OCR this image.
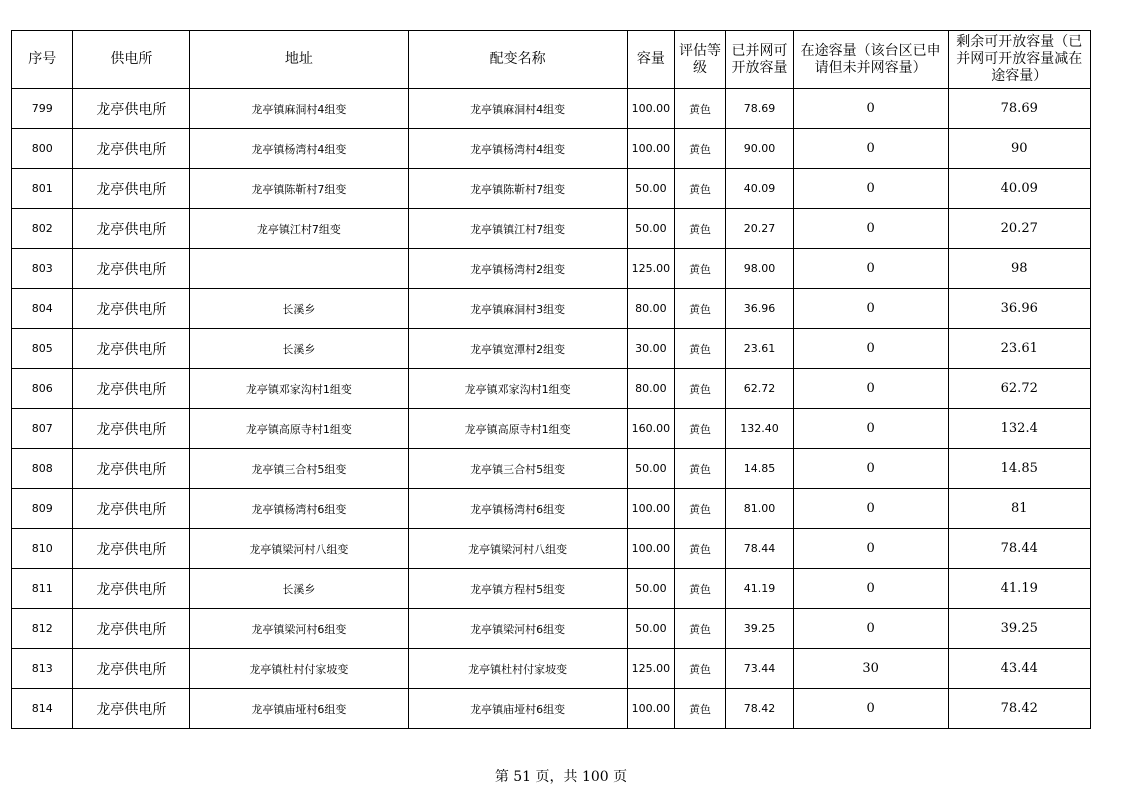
序号	供电所	地址	配变名称	容量	评估等级	已并网可开放容量	在途容量（该台区已申请但未并网容量）	剩余可开放容量（已并网可开放容量减在途容量）
799	龙亭供电所	龙亭镇麻洞村4组变	龙亭镇麻洞村4组变	100.00	黄色	78.69	0	78.69
800	龙亭供电所	龙亭镇杨湾村4组变	龙亭镇杨湾村4组变	100.00	黄色	90.00	0	90
801	龙亭供电所	龙亭镇陈靳村7组变	龙亭镇陈靳村7组变	50.00	黄色	40.09	0	40.09
802	龙亭供电所	龙亭镇江村7组变	龙亭镇镇江村7组变	50.00	黄色	20.27	0	20.27
803	龙亭供电所		龙亭镇杨湾村2组变	125.00	黄色	98.00	0	98
804	龙亭供电所	长溪乡	龙亭镇麻洞村3组变	80.00	黄色	36.96	0	36.96
805	龙亭供电所	长溪乡	龙亭镇宽潭村2组变	30.00	黄色	23.61	0	23.61
806	龙亭供电所	龙亭镇邓家沟村1组变	龙亭镇邓家沟村1组变	80.00	黄色	62.72	0	62.72
807	龙亭供电所	龙亭镇高原寺村1组变	龙亭镇高原寺村1组变	160.00	黄色	132.40	0	132.4
808	龙亭供电所	龙亭镇三合村5组变	龙亭镇三合村5组变	50.00	黄色	14.85	0	14.85
809	龙亭供电所	龙亭镇杨湾村6组变	龙亭镇杨湾村6组变	100.00	黄色	81.00	0	81
810	龙亭供电所	龙亭镇梁河村八组变	龙亭镇梁河村八组变	100.00	黄色	78.44	0	78.44
811	龙亭供电所	长溪乡	龙亭镇方程村5组变	50.00	黄色	41.19	0	41.19
812	龙亭供电所	龙亭镇梁河村6组变	龙亭镇梁河村6组变	50.00	黄色	39.25	0	39.25
813	龙亭供电所	龙亭镇杜村付家坡变	龙亭镇杜村付家坡变	125.00	黄色	73.44	30	43.44
814	龙亭供电所	龙亭镇庙垭村6组变	龙亭镇庙垭村6组变	100.00	黄色	78.42	0	78.42
第 51 页，共 100 页
